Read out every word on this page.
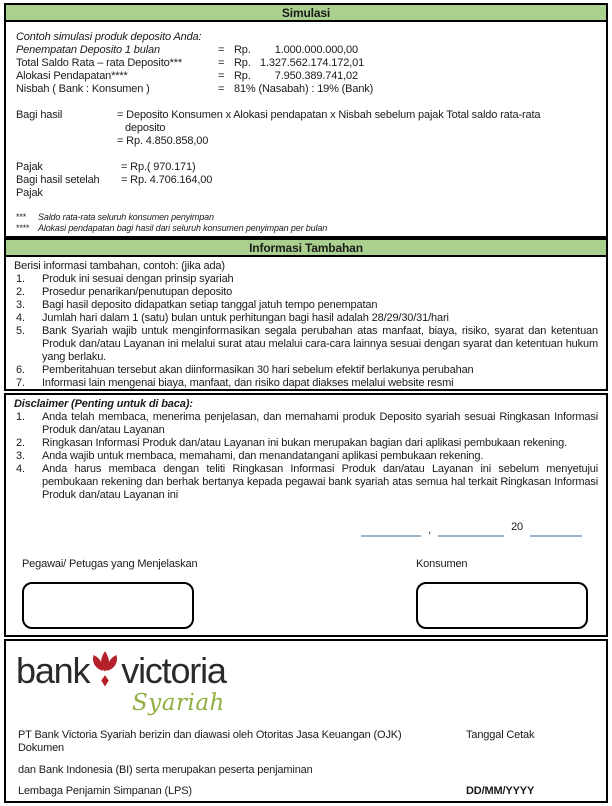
Simulasi
Contoh simulasi produk deposito Anda:
Penempatan Deposito 1 bulan	= Rp. 1.000.000.000,00
Total Saldo Rata – rata Deposito***	= Rp. 1.327.562.174.172,01
Alokasi Pendapatan****	= Rp. 7.950.389.741,02
Nisbah ( Bank : Konsumen )	= 81% (Nasabah) : 19% (Bank)
Bagi hasil	= Deposito Konsumen x Alokasi pendapatan x Nisbah sebelum pajak Total saldo rata-rata
deposito
= Rp. 4.850.858,00
Pajak	= Rp.( 970.171)
Bagi hasil setelah	= Rp. 4.706.164,00
Pajak
*** Saldo rata-rata seluruh konsumen penyimpan
**** Alokasi pendapatan bagi hasil dari seluruh konsumen penyimpan per bulan
Informasi Tambahan
Berisi informasi tambahan, contoh: (jika ada)
1.	Produk ini sesuai dengan prinsip syariah
2.	Prosedur penarikan/penutupan deposito
3.	Bagi hasil deposito didapatkan setiap tanggal jatuh tempo penempatan
4.	Jumlah hari dalam 1 (satu) bulan untuk perhitungan bagi hasil adalah 28/29/30/31/hari
5.	Bank Syariah wajib untuk menginformasikan segala perubahan atas manfaat, biaya, risiko, syarat dan ketentuan Produk dan/atau Layanan ini melalui surat atau melalui cara-cara lainnya sesuai dengan syarat dan ketentuan hukum yang berlaku.
6.	Pemberitahuan tersebut akan diinformasikan 30 hari sebelum efektif berlakunya perubahan
7.	Informasi lain mengenai biaya, manfaat, dan risiko dapat diakses melalui website resmi
Disclaimer (Penting untuk di baca):
1.	Anda telah membaca, menerima penjelasan, dan memahami produk Deposito syariah sesuai Ringkasan Informasi Produk dan/atau Layanan
2.	Ringkasan Informasi Produk dan/atau Layanan ini bukan merupakan bagian dari aplikasi pembukaan rekening.
3.	Anda wajib untuk membaca, memahami, dan menandatangani aplikasi pembukaan rekening.
4.	Anda harus membaca dengan teliti Ringkasan Informasi Produk dan/atau Layanan ini sebelum menyetujui pembukaan rekening dan berhak bertanya kepada pegawai bank syariah atas semua hal terkait Ringkasan Informasi Produk dan/atau Layanan ini
,	20
Pegawai/ Petugas yang Menjelaskan	Konsumen
bank victoria
Syariah
PT Bank Victoria Syariah berizin dan diawasi oleh Otoritas Jasa Keuangan (OJK)
Dokumen
dan Bank Indonesia (BI) serta merupakan peserta penjaminan
Lembaga Penjamin Simpanan (LPS)
Tanggal Cetak
DD/MM/YYYY
